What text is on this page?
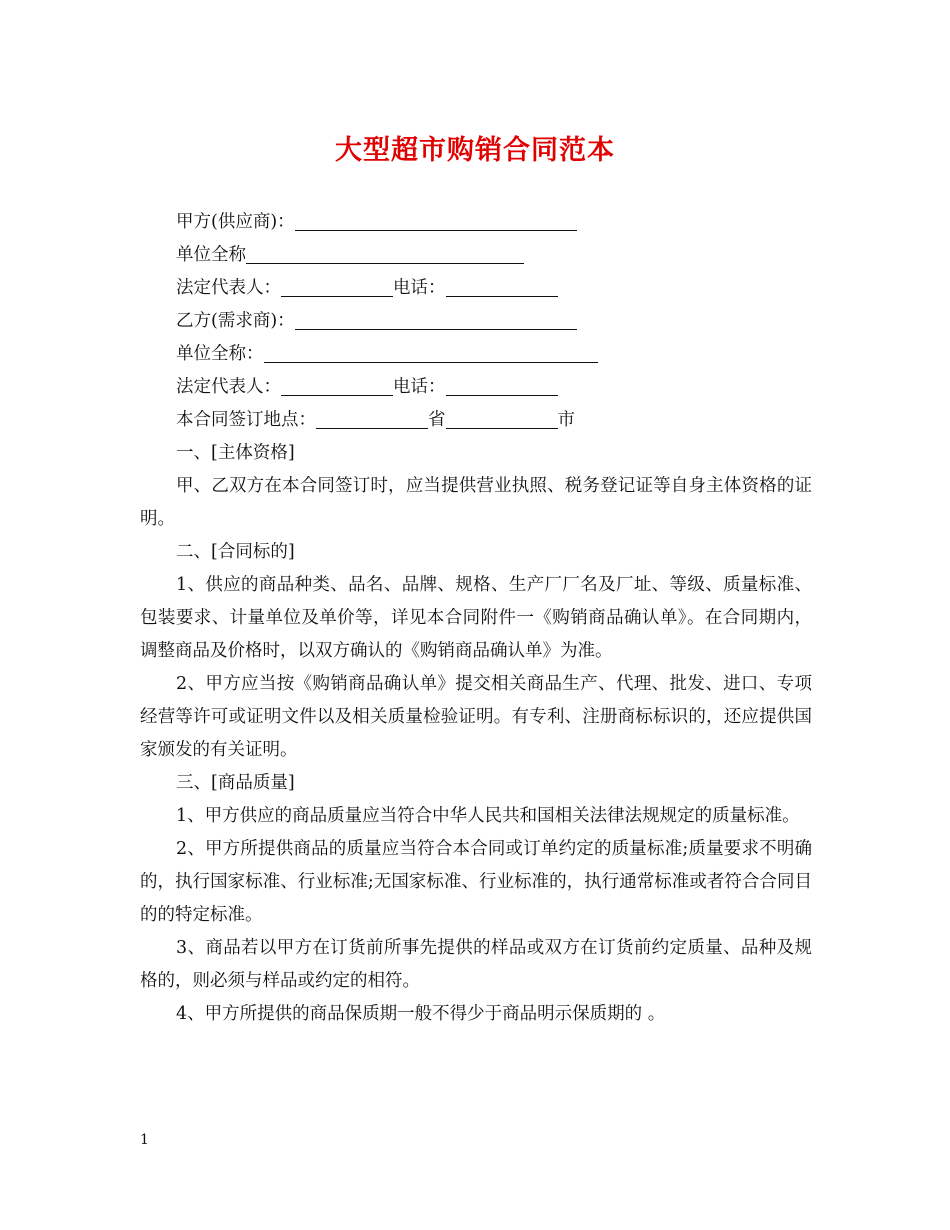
大型超市购销合同范本
甲方(供应商)：
单位全称
法定代表人：	电话：
乙方(需求商)：
单位全称：
法定代表人：	电话：
本合同签订地点：	省	市
一、[主体资格]
甲、乙双方在本合同签订时，应当提供营业执照、税务登记证等自身主体资格的证明。
二、[合同标的]
1、供应的商品种类、品名、品牌、规格、生产厂厂名及厂址、等级、质量标准、包装要求、计量单位及单价等，详见本合同附件一《购销商品确认单》。在合同期内，调整商品及价格时，以双方确认的《购销商品确认单》为准。
2、甲方应当按《购销商品确认单》提交相关商品生产、代理、批发、进口、专项经营等许可或证明文件以及相关质量检验证明。有专利、注册商标标识的，还应提供国家颁发的有关证明。
三、[商品质量]
1、甲方供应的商品质量应当符合中华人民共和国相关法律法规规定的质量标准。
2、甲方所提供商品的质量应当符合本合同或订单约定的质量标准;质量要求不明确的，执行国家标准、行业标准;无国家标准、行业标准的，执行通常标准或者符合合同目的的特定标准。
3、商品若以甲方在订货前所事先提供的样品或双方在订货前约定质量、品种及规格的，则必须与样品或约定的相符。
4、甲方所提供的商品保质期一般不得少于商品明示保质期的 。
1
